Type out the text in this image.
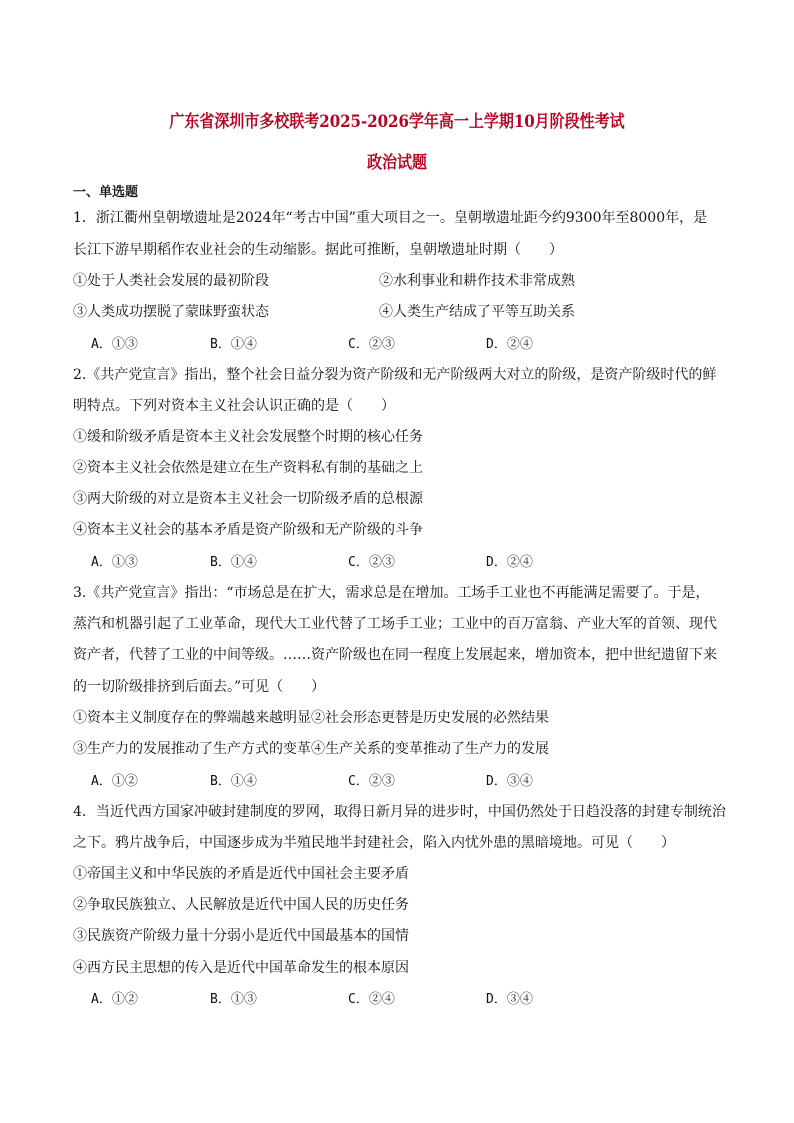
广东省深圳市多校联考2025-2026学年高一上学期10月阶段性考试
政治试题
一、单选题
1．浙江衢州皇朝墩遗址是2024年“考古中国”重大项目之一。皇朝墩遗址距今约9300年至8000年，是
长江下游早期稻作农业社会的生动缩影。据此可推断，皇朝墩遗址时期（　　）
①处于人类社会发展的最初阶段	②水利事业和耕作技术非常成熟
③人类成功摆脱了蒙昧野蛮状态	④人类生产结成了平等互助关系
A．①③	B．①④	C．②③	D．②④
2.《共产党宣言》指出，整个社会日益分裂为资产阶级和无产阶级两大对立的阶级，是资产阶级时代的鲜
明特点。下列对资本主义社会认识正确的是（　　）
①缓和阶级矛盾是资本主义社会发展整个时期的核心任务
②资本主义社会依然是建立在生产资料私有制的基础之上
③两大阶级的对立是资本主义社会一切阶级矛盾的总根源
④资本主义社会的基本矛盾是资产阶级和无产阶级的斗争
A．①③	B．①④	C．②③	D．②④
3.《共产党宣言》指出：“市场总是在扩大，需求总是在增加。工场手工业也不再能满足需要了。于是，
蒸汽和机器引起了工业革命，现代大工业代替了工场手工业；工业中的百万富翁、产业大军的首领、现代
资产者，代替了工业的中间等级。……资产阶级也在同一程度上发展起来，增加资本，把中世纪遗留下来
的一切阶级排挤到后面去。”可见（　　）
①资本主义制度存在的弊端越来越明显②社会形态更替是历史发展的必然结果
③生产力的发展推动了生产方式的变革④生产关系的变革推动了生产力的发展
A．①②	B．①④	C．②③	D．③④
4．当近代西方国家冲破封建制度的罗网，取得日新月异的进步时，中国仍然处于日趋没落的封建专制统治
之下。鸦片战争后，中国逐步成为半殖民地半封建社会，陷入内忧外患的黑暗境地。可见（　　）
①帝国主义和中华民族的矛盾是近代中国社会主要矛盾
②争取民族独立、人民解放是近代中国人民的历史任务
③民族资产阶级力量十分弱小是近代中国最基本的国情
④西方民主思想的传入是近代中国革命发生的根本原因
A．①②	B．①③	C．②④	D．③④
